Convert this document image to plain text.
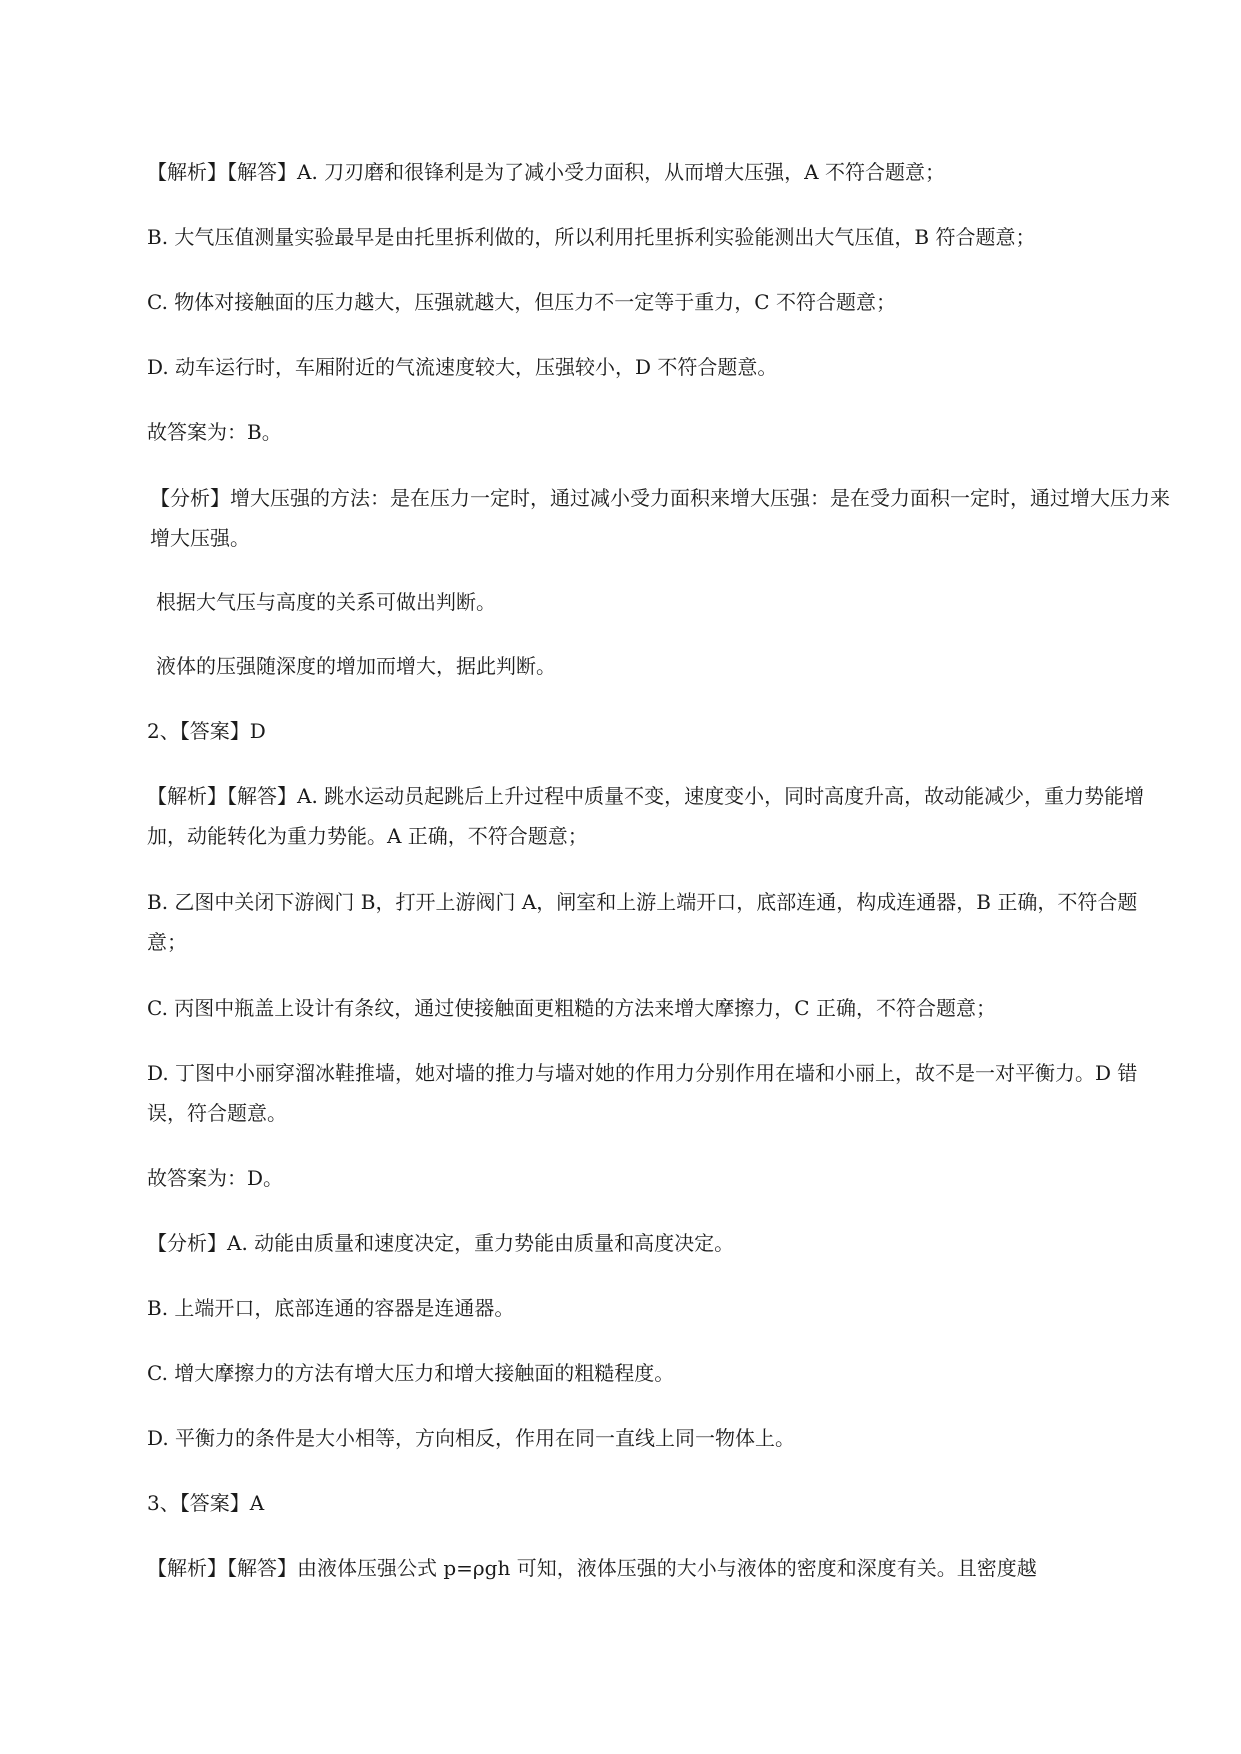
【解析】【解答】A. 刀刃磨和很锋利是为了减小受力面积，从而增大压强，A 不符合题意；
B. 大气压值测量实验最早是由托里拆利做的，所以利用托里拆利实验能测出大气压值，B 符合题意；
C. 物体对接触面的压力越大，压强就越大，但压力不一定等于重力，C 不符合题意；
D. 动车运行时，车厢附近的气流速度较大，压强较小，D 不符合题意。
故答案为：B。
【分析】增大压强的方法：是在压力一定时，通过减小受力面积来增大压强：是在受力面积一定时，通过增大压力来增大压强。
根据大气压与高度的关系可做出判断。
液体的压强随深度的增加而增大，据此判断。
2、【答案】D
【解析】【解答】A. 跳水运动员起跳后上升过程中质量不变，速度变小，同时高度升高，故动能减少，重力势能增加，动能转化为重力势能。A 正确，不符合题意；
B. 乙图中关闭下游阀门 B，打开上游阀门 A，闸室和上游上端开口，底部连通，构成连通器，B 正确，不符合题意；
C. 丙图中瓶盖上设计有条纹，通过使接触面更粗糙的方法来增大摩擦力，C 正确，不符合题意；
D. 丁图中小丽穿溜冰鞋推墙，她对墙的推力与墙对她的作用力分别作用在墙和小丽上，故不是一对平衡力。D 错误，符合题意。
故答案为：D。
【分析】A. 动能由质量和速度决定，重力势能由质量和高度决定。
B. 上端开口，底部连通的容器是连通器。
C. 增大摩擦力的方法有增大压力和增大接触面的粗糙程度。
D. 平衡力的条件是大小相等，方向相反，作用在同一直线上同一物体上。
3、【答案】A
【解析】【解答】由液体压强公式 p=ρgh 可知，液体压强的大小与液体的密度和深度有关。且密度越
